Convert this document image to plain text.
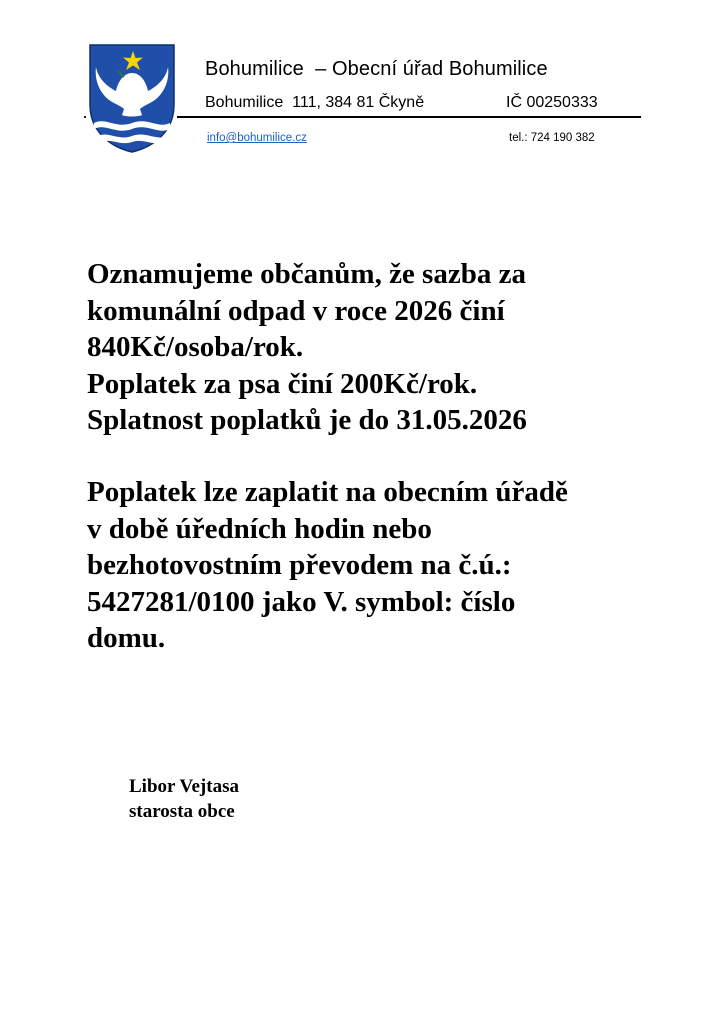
Bohumilice  – Obecní úřad Bohumilice
Bohumilice  111, 384 81 Čkyně	IČ 00250333
info@bohumilice.cz	tel.: 724 190 382
Oznamujeme občanům, že sazba za
komunální odpad v roce 2026 činí
840Kč/osoba/rok.
Poplatek za psa činí 200Kč/rok.
Splatnost poplatků je do 31.05.2026
Poplatek lze zaplatit na obecním úřadě
v době úředních hodin nebo
bezhotovostním převodem na č.ú.:
5427281/0100 jako V. symbol: číslo
domu.
Libor Vejtasa
starosta obce
